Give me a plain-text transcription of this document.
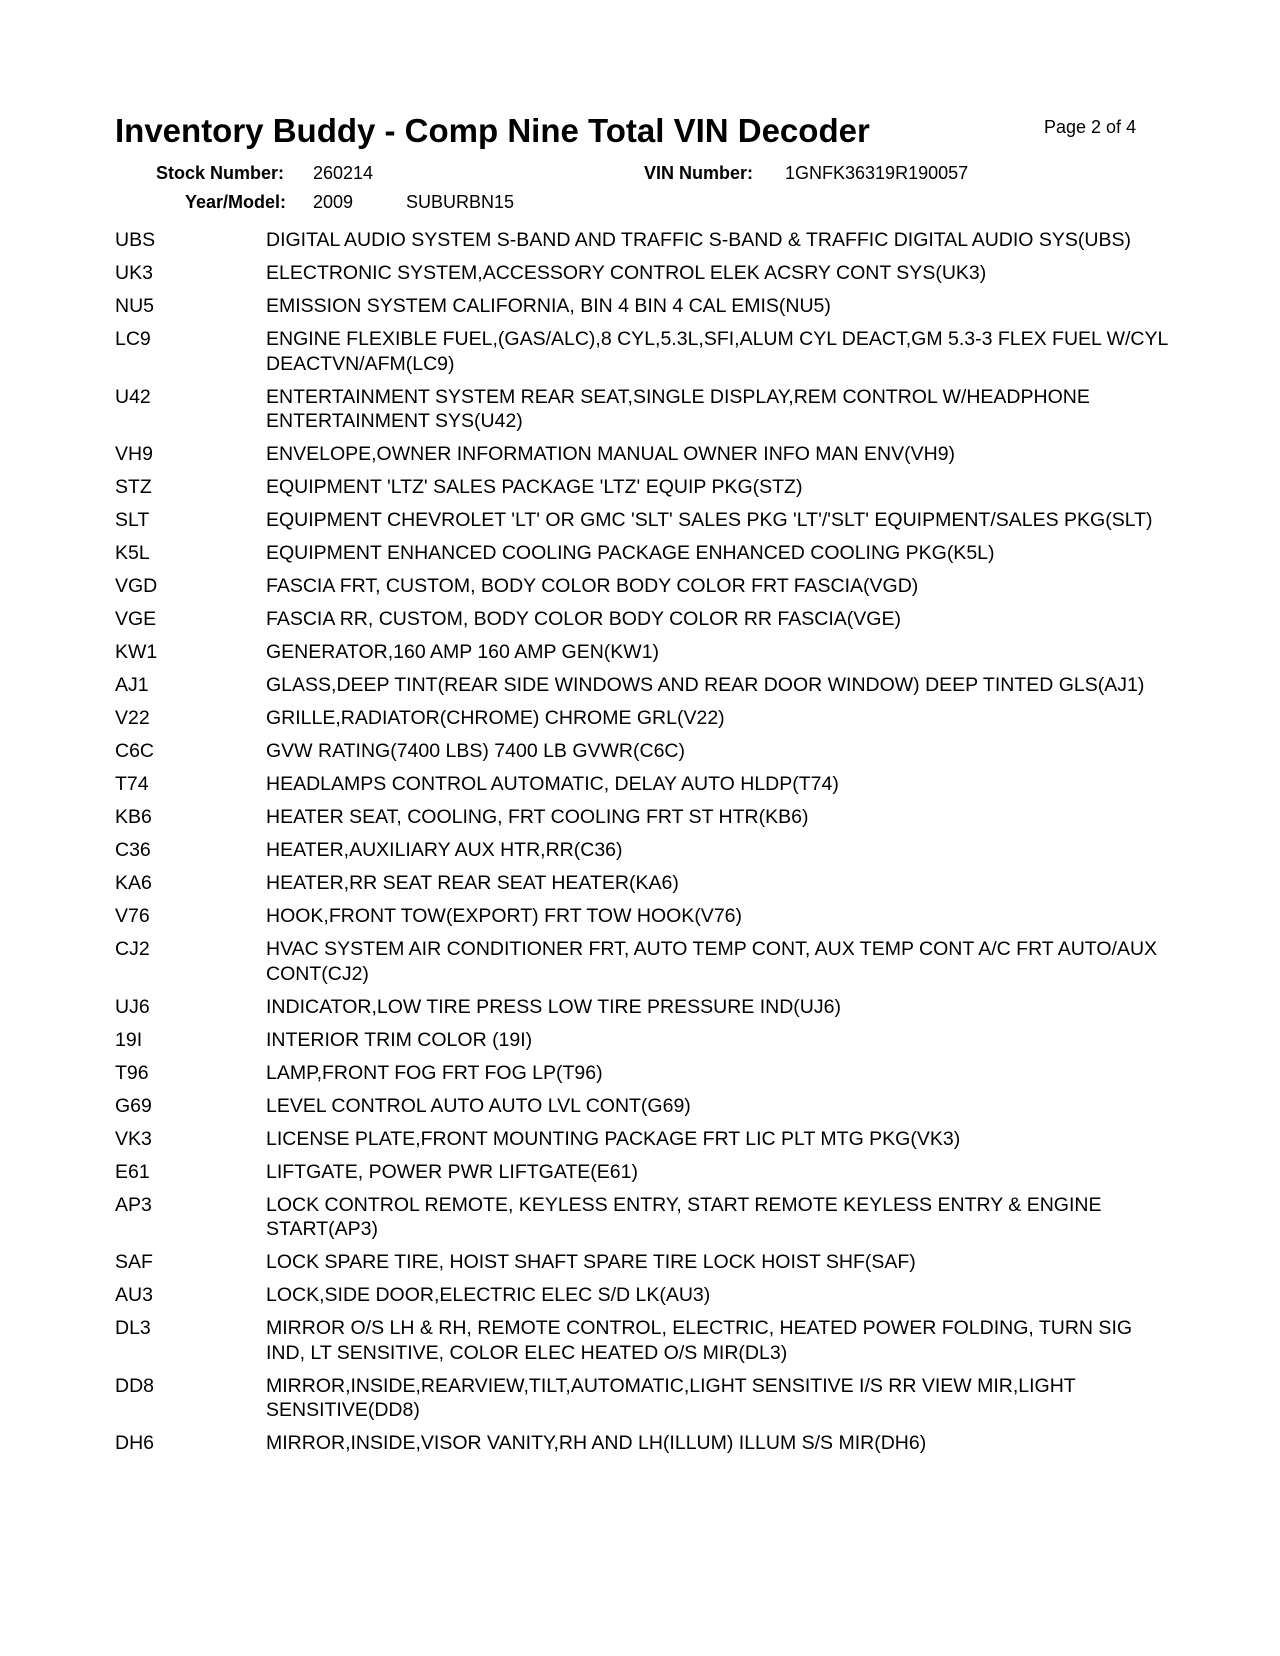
Inventory Buddy - Comp Nine Total VIN Decoder	Page 2 of 4
Stock Number: 260214	VIN Number: 1GNFK36319R190057
Year/Model: 2009	SUBURBN15
UBS	DIGITAL AUDIO SYSTEM S-BAND AND TRAFFIC S-BAND & TRAFFIC DIGITAL AUDIO SYS(UBS)
UK3	ELECTRONIC SYSTEM,ACCESSORY CONTROL ELEK ACSRY CONT SYS(UK3)
NU5	EMISSION SYSTEM CALIFORNIA, BIN 4 BIN 4 CAL EMIS(NU5)
LC9	ENGINE FLEXIBLE FUEL,(GAS/ALC),8 CYL,5.3L,SFI,ALUM CYL DEACT,GM 5.3-3 FLEX FUEL W/CYL DEACTVN/AFM(LC9)
U42	ENTERTAINMENT SYSTEM REAR SEAT,SINGLE DISPLAY,REM CONTROL W/HEADPHONE ENTERTAINMENT SYS(U42)
VH9	ENVELOPE,OWNER INFORMATION MANUAL OWNER INFO MAN ENV(VH9)
STZ	EQUIPMENT 'LTZ' SALES PACKAGE 'LTZ' EQUIP PKG(STZ)
SLT	EQUIPMENT CHEVROLET 'LT' OR GMC 'SLT' SALES PKG 'LT'/'SLT' EQUIPMENT/SALES PKG(SLT)
K5L	EQUIPMENT ENHANCED COOLING PACKAGE ENHANCED COOLING PKG(K5L)
VGD	FASCIA FRT, CUSTOM, BODY COLOR BODY COLOR FRT FASCIA(VGD)
VGE	FASCIA RR, CUSTOM, BODY COLOR BODY COLOR RR FASCIA(VGE)
KW1	GENERATOR,160 AMP 160 AMP GEN(KW1)
AJ1	GLASS,DEEP TINT(REAR SIDE WINDOWS AND REAR DOOR WINDOW) DEEP TINTED GLS(AJ1)
V22	GRILLE,RADIATOR(CHROME) CHROME GRL(V22)
C6C	GVW RATING(7400 LBS) 7400 LB GVWR(C6C)
T74	HEADLAMPS CONTROL AUTOMATIC, DELAY AUTO HLDP(T74)
KB6	HEATER SEAT, COOLING, FRT COOLING FRT ST HTR(KB6)
C36	HEATER,AUXILIARY AUX HTR,RR(C36)
KA6	HEATER,RR SEAT REAR SEAT HEATER(KA6)
V76	HOOK,FRONT TOW(EXPORT) FRT TOW HOOK(V76)
CJ2	HVAC SYSTEM AIR CONDITIONER FRT, AUTO TEMP CONT, AUX TEMP CONT A/C FRT AUTO/AUX CONT(CJ2)
UJ6	INDICATOR,LOW TIRE PRESS LOW TIRE PRESSURE IND(UJ6)
19I	INTERIOR TRIM COLOR (19I)
T96	LAMP,FRONT FOG FRT FOG LP(T96)
G69	LEVEL CONTROL AUTO AUTO LVL CONT(G69)
VK3	LICENSE PLATE,FRONT MOUNTING PACKAGE FRT LIC PLT MTG PKG(VK3)
E61	LIFTGATE, POWER PWR LIFTGATE(E61)
AP3	LOCK CONTROL REMOTE, KEYLESS ENTRY, START REMOTE KEYLESS ENTRY & ENGINE START(AP3)
SAF	LOCK SPARE TIRE, HOIST SHAFT SPARE TIRE LOCK HOIST SHF(SAF)
AU3	LOCK,SIDE DOOR,ELECTRIC ELEC S/D LK(AU3)
DL3	MIRROR O/S LH & RH, REMOTE CONTROL, ELECTRIC, HEATED POWER FOLDING, TURN SIG IND, LT SENSITIVE, COLOR ELEC HEATED O/S MIR(DL3)
DD8	MIRROR,INSIDE,REARVIEW,TILT,AUTOMATIC,LIGHT SENSITIVE I/S RR VIEW MIR,LIGHT SENSITIVE(DD8)
DH6	MIRROR,INSIDE,VISOR VANITY,RH AND LH(ILLUM) ILLUM S/S MIR(DH6)
